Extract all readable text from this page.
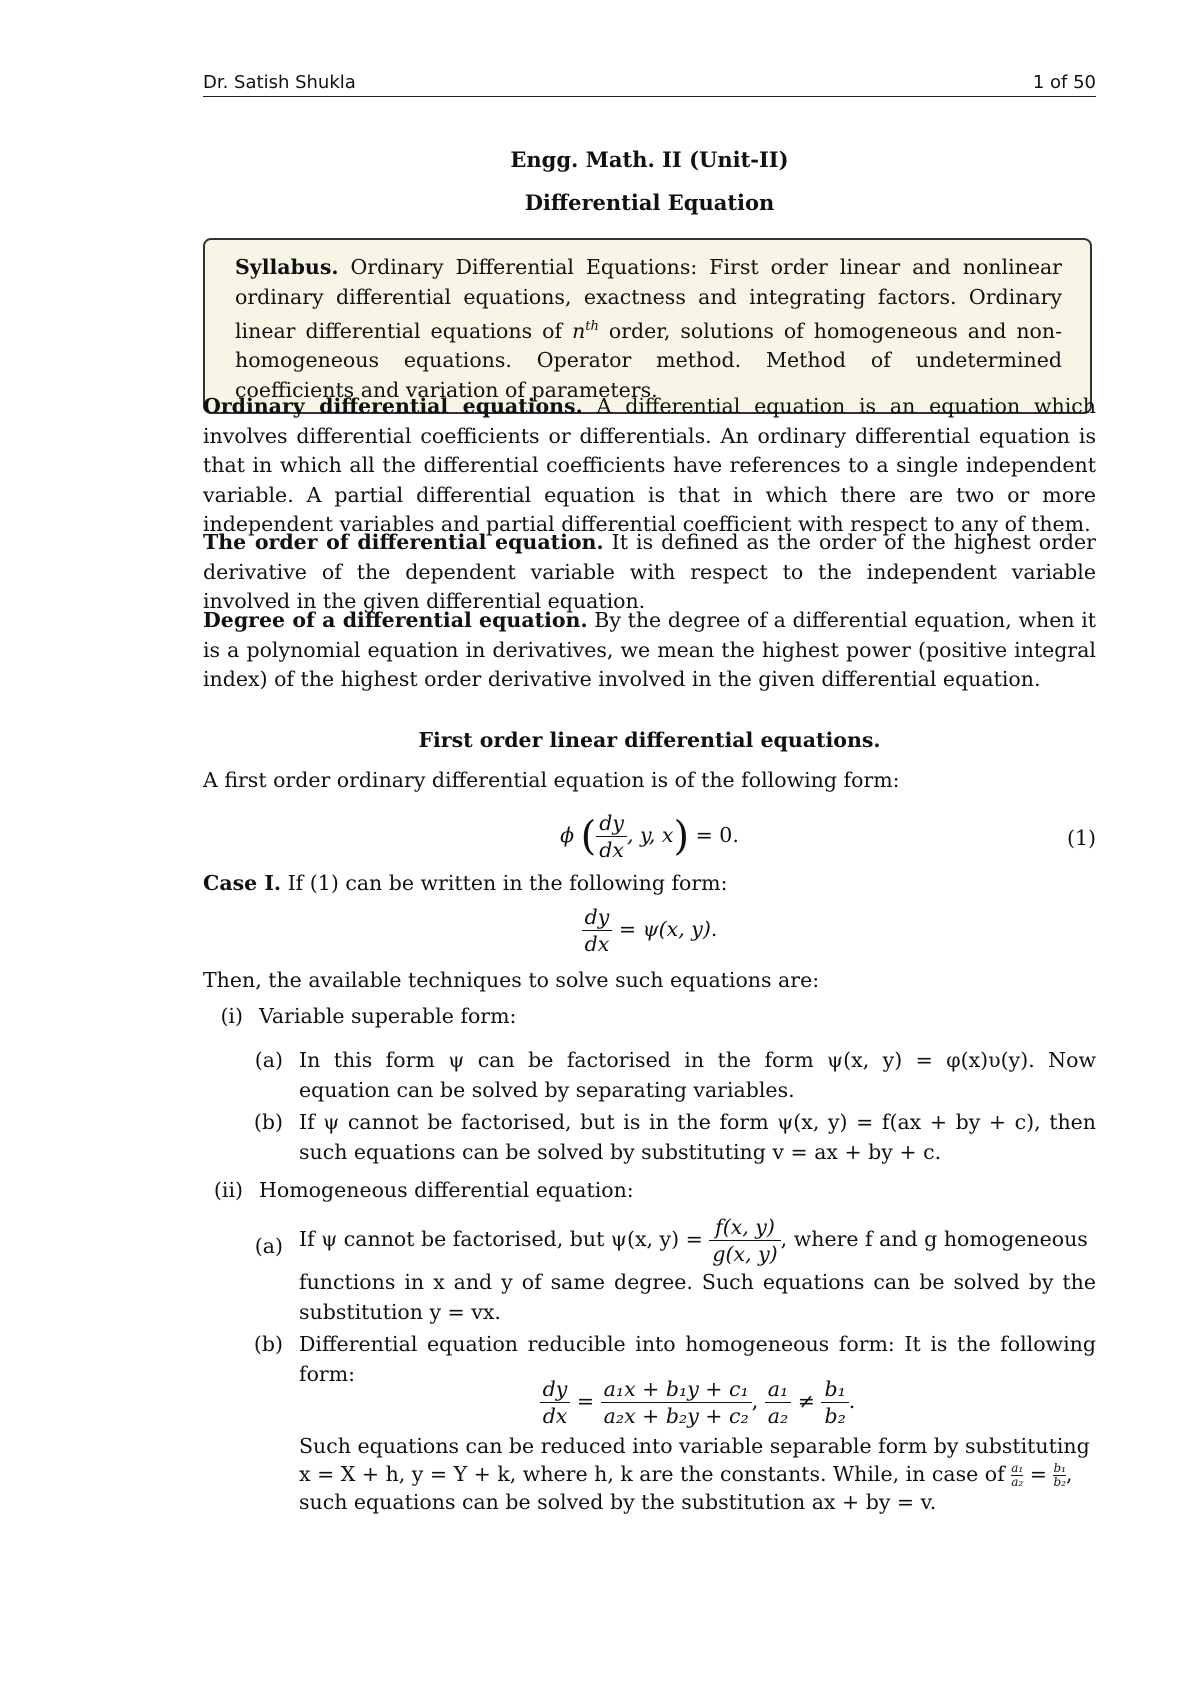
Dr. Satish Shukla	1 of 50
Engg. Math. II (Unit-II)
Differential Equation
Syllabus. Ordinary Differential Equations: First order linear and nonlinear ordinary differential equations, exactness and integrating factors. Ordinary linear differential equations of $n^{th}$ order, solutions of homogeneous and non-homogeneous equations. Operator method. Method of undetermined coefficients and variation of parameters.
Ordinary differential equations. A differential equation is an equation which involves differential coefficients or differentials. An ordinary differential equation is that in which all the differential coefficients have references to a single independent variable. A partial differential equation is that in which there are two or more independent variables and partial differential coefficient with respect to any of them.
The order of differential equation. It is defined as the order of the highest order derivative of the dependent variable with respect to the independent variable involved in the given differential equation.
Degree of a differential equation. By the degree of a differential equation, when it is a polynomial equation in derivatives, we mean the highest power (positive integral index) of the highest order derivative involved in the given differential equation.
First order linear differential equations.
A first order ordinary differential equation is of the following form:
ϕ ( $\frac{dy}{dx}$ , y, x) = 0.	(1)
Case I. If (1) can be written in the following form:
$\frac{dy}{dx} = \psi(x$, y).
Then, the available techniques to solve such equations are:
(i) Variable superable form:
(a) In this form ψ can be factorised in the form ψ(x, y) = φ(x)υ(y). Now equation can be solved by separating variables.
(b) If ψ cannot be factorised, but is in the form ψ(x, y) = f(ax + by + c), then such equations can be solved by substituting v = ax + by + c.
(ii) Homogeneous differential equation:
(a) If ψ cannot be factorised, but ψ(x, $y) = \frac{f(x, y)}{g(x, y)}$ , where f and g homogeneous
functions in x and y of same degree. Such equations can be solved by the substitution y = vx.
(b) Differential equation reducible into homogeneous form: It is the following form:
$\frac{dy}{dx} = \frac{\text{a₁x + b₁y + c₁}}{\text{a₂x + b₂y + c₂}}$ , $\frac{\text{a₁}}{\text{a₂}} \ne \frac{\text{b₁}}{\text{b₂}}$ .
Such equations can be reduced into variable separable form by substituting
x = X + h, y = Y + k, where h, k are the constants. While, in case of $\frac{\text{a₁}}{\text{a₂}} = \frac{\text{b₁}}{\text{b₂}}$ ,
such equations can be solved by the substitution ax + by = v.
